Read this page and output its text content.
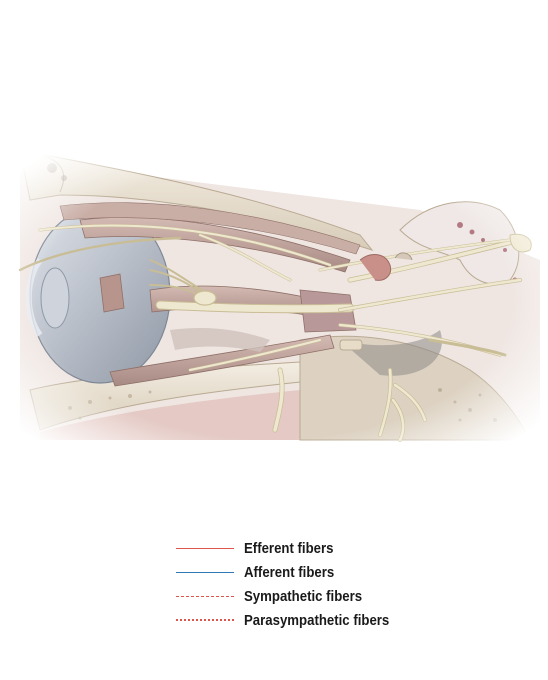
Efferent fibers
Afferent fibers
Sympathetic fibers
Parasympathetic fibers
